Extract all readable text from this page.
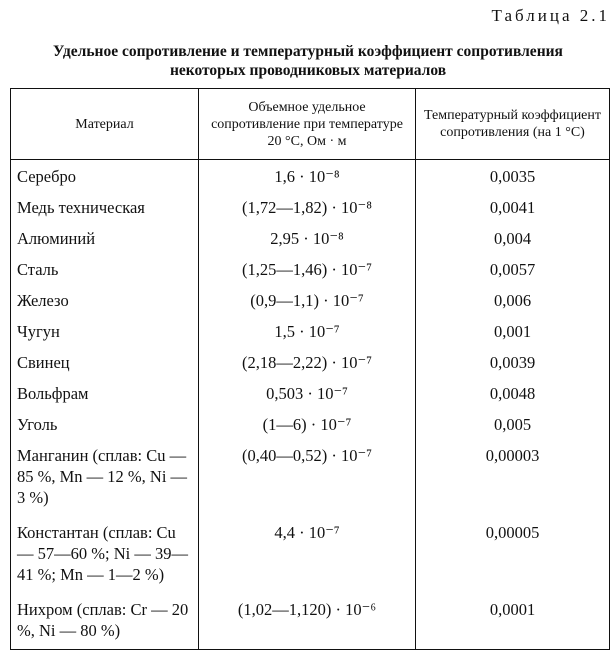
Таблица 2.1
Удельное сопротивление и температурный коэффициент сопротивления
некоторых проводниковых материалов
Материал	Объемное удельное сопротивление при температуре 20 °С, Ом · м	Температурный коэффициент сопротивления (на 1 °С)
Серебро	1,6 · 10⁻⁸	0,0035
Медь техническая	(1,72—1,82) · 10⁻⁸	0,0041
Алюминий	2,95 · 10⁻⁸	0,004
Сталь	(1,25—1,46) · 10⁻⁷	0,0057
Железо	(0,9—1,1) · 10⁻⁷	0,006
Чугун	1,5 · 10⁻⁷	0,001
Свинец	(2,18—2,22) · 10⁻⁷	0,0039
Вольфрам	0,503 · 10⁻⁷	0,0048
Уголь	(1—6) · 10⁻⁷	0,005
Манганин (сплав: Cu — 85 %, Mn — 12 %, Ni — 3 %)	(0,40—0,52) · 10⁻⁷	0,00003
Константан (сплав: Cu — 57—60 %; Ni — 39—41 %; Mn — 1—2 %)	4,4 · 10⁻⁷	0,00005
Нихром (сплав: Cr — 20 %, Ni — 80 %)	(1,02—1,120) · 10⁻⁶	0,0001
